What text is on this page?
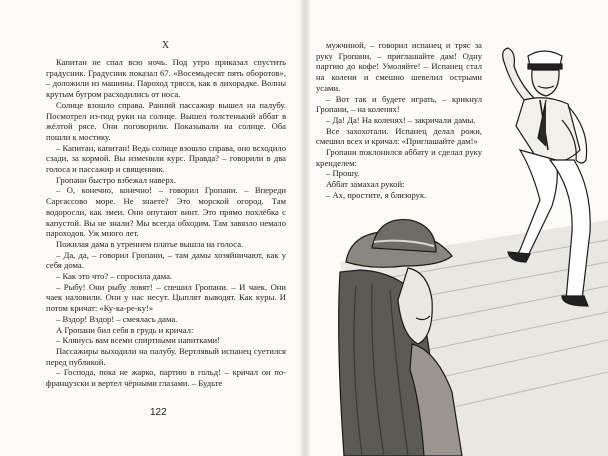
X

Капитан не спал всю ночь. Под утро приказал спустить градусник. Градусник показал 67. «Восемьдесят пять оборотов», – доложили из машины. Пароход трясся, как в лихорадке. Волны крутым бугром расходились от носа.

Солнце взошло справа. Ранний пассажир вышел на палубу. Посмотрел из-под руки на солнце. Вышел толстенький аббат в жёлтой рясе. Они поговорили. Показывали на солнце. Оба пошли к мостику.

– Капитан, капитан! Ведь солнце взошло справа, оно всходило сзади, за кормой. Вы изменили курс. Правда? – говорили в два голоса и пассажир и священник.

Гропани быстро взбежал наверх.

– О, конечно, конечно! – говорил Гропани. – Впереди Саргассово море. Не знаете? Это морской огород. Там водоросли, как змеи. Они опутают винт. Это прямо похлёбка с капустой. Вы не знали? Мы всегда обходим. Там завязло немало пароходов. Уж много лет.

Пожилая дама в утреннем платье вышла на голоса.

– Да, да, – говорил Гропани, – там дамы хозяйничают, как у себя дома.

– Как это что? – спросила дама.

– Рыбу! Они рыбу ловят! – спешил Гропани. – И чаек. Они чаек наловили. Они у нас несут. Цыплят выводят. Как куры. И потом кричат: «Ку-ка-ре-ку!»

– Вздор! Вздор! – смеялась дама.

А Гропани бил себя в грудь и кричал:

– Клянусь вам всеми спиртными напитками!

Пассажиры выходили на палубу. Вертлявый испанец суетился перед публикой.

– Господа, пока не жарко, партию в гольд! – кричал он по-французски и вертел чёрными глазами. – Будьте

122

мужчиной, – говорил испанец и тряс за руку Гропани, – приглашайте дам! Одну партию до кофе! Умоляйте! – Испанец стал на колени и смешно шевелил острыми усами.

– Вот так и будете играть, – крикнул Гропани, – на коленях!

– Да! Да! На коленях! – закричали дамы.

Все захохотали. Испанец делал рожи, смешил всех и кричал: «Приглашайте дам!»

Гропани поклонился аббату и сделал руку кренделем:

– Прошу.

Аббат замахал рукой:

– Ах, простите, я близорук.
